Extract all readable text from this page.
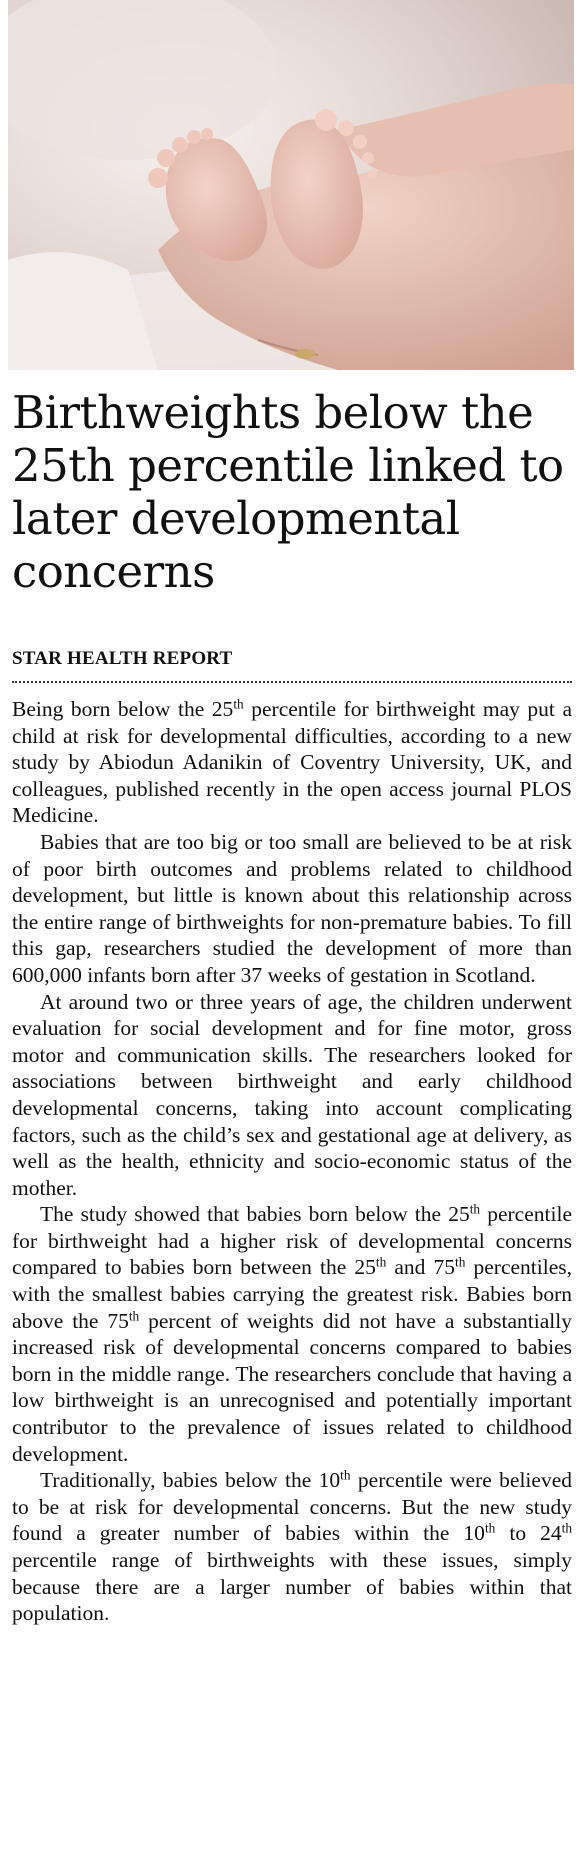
Birthweights below the 25th percentile linked to later developmental concerns
STAR HEALTH REPORT

Being born below the 25th percentile for birthweight may put a child at risk for developmental difficulties, according to a new study by Abiodun Adanikin of Coventry University, UK, and colleagues, published recently in the open access journal PLOS Medicine.

Babies that are too big or too small are believed to be at risk of poor birth outcomes and problems related to childhood development, but little is known about this relationship across the entire range of birthweights for non-premature babies. To fill this gap, researchers studied the development of more than 600,000 infants born after 37 weeks of gestation in Scotland.

At around two or three years of age, the children underwent evaluation for social development and for fine motor, gross motor and communication skills. The researchers looked for associations between birthweight and early childhood developmental concerns, taking into account complicating factors, such as the child’s sex and gestational age at delivery, as well as the health, ethnicity and socio-economic status of the mother.

The study showed that babies born below the 25th percentile for birthweight had a higher risk of developmental concerns compared to babies born between the 25th and 75th percentiles, with the smallest babies carrying the greatest risk. Babies born above the 75th percent of weights did not have a substantially increased risk of developmental concerns compared to babies born in the middle range. The researchers conclude that having a low birthweight is an unrecognised and potentially important contributor to the prevalence of issues related to childhood development.

Traditionally, babies below the 10th percentile were believed to be at risk for developmental concerns. But the new study found a greater number of babies within the 10th to 24th percentile range of birthweights with these issues, simply because there are a larger number of babies within that population.
